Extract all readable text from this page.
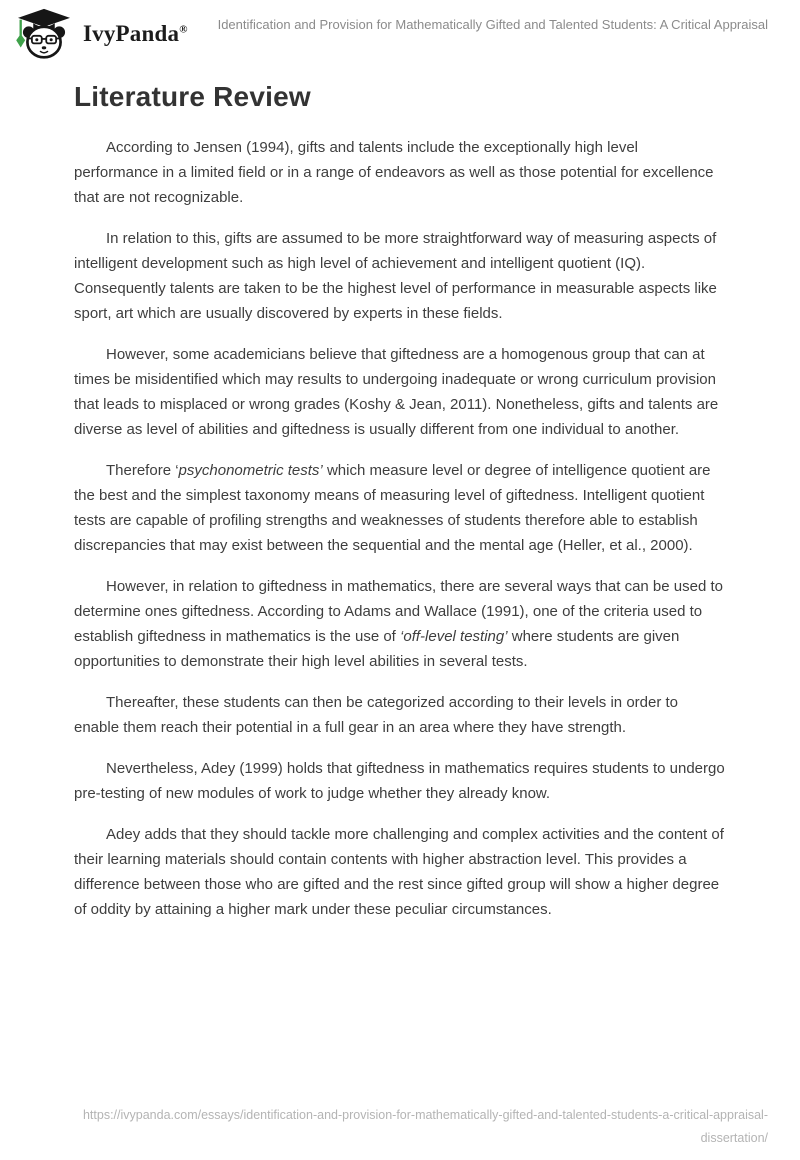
IvyPanda®	Identification and Provision for Mathematically Gifted and Talented Students: A Critical Appraisal
Literature Review

According to Jensen (1994), gifts and talents include the exceptionally high level performance in a limited field or in a range of endeavors as well as those potential for excellence that are not recognizable.

In relation to this, gifts are assumed to be more straightforward way of measuring aspects of intelligent development such as high level of achievement and intelligent quotient (IQ). Consequently talents are taken to be the highest level of performance in measurable aspects like sport, art which are usually discovered by experts in these fields.

However, some academicians believe that giftedness are a homogenous group that can at times be misidentified which may results to undergoing inadequate or wrong curriculum provision that leads to misplaced or wrong grades (Koshy & Jean, 2011). Nonetheless, gifts and talents are diverse as level of abilities and giftedness is usually different from one individual to another.

Therefore ‘psychonometric tests’ which measure level or degree of intelligence quotient are the best and the simplest taxonomy means of measuring level of giftedness. Intelligent quotient tests are capable of profiling strengths and weaknesses of students therefore able to establish discrepancies that may exist between the sequential and the mental age (Heller, et al., 2000).

However, in relation to giftedness in mathematics, there are several ways that can be used to determine ones giftedness. According to Adams and Wallace (1991), one of the criteria used to establish giftedness in mathematics is the use of ‘off-level testing’ where students are given opportunities to demonstrate their high level abilities in several tests.

Thereafter, these students can then be categorized according to their levels in order to enable them reach their potential in a full gear in an area where they have strength.

Nevertheless, Adey (1999) holds that giftedness in mathematics requires students to undergo pre-testing of new modules of work to judge whether they already know.

Adey adds that they should tackle more challenging and complex activities and the content of their learning materials should contain contents with higher abstraction level. This provides a difference between those who are gifted and the rest since gifted group will show a higher degree of oddity by attaining a higher mark under these peculiar circumstances.

https://ivypanda.com/essays/identification-and-provision-for-mathematically-gifted-and-talented-students-a-critical-appraisal-dissertation/
